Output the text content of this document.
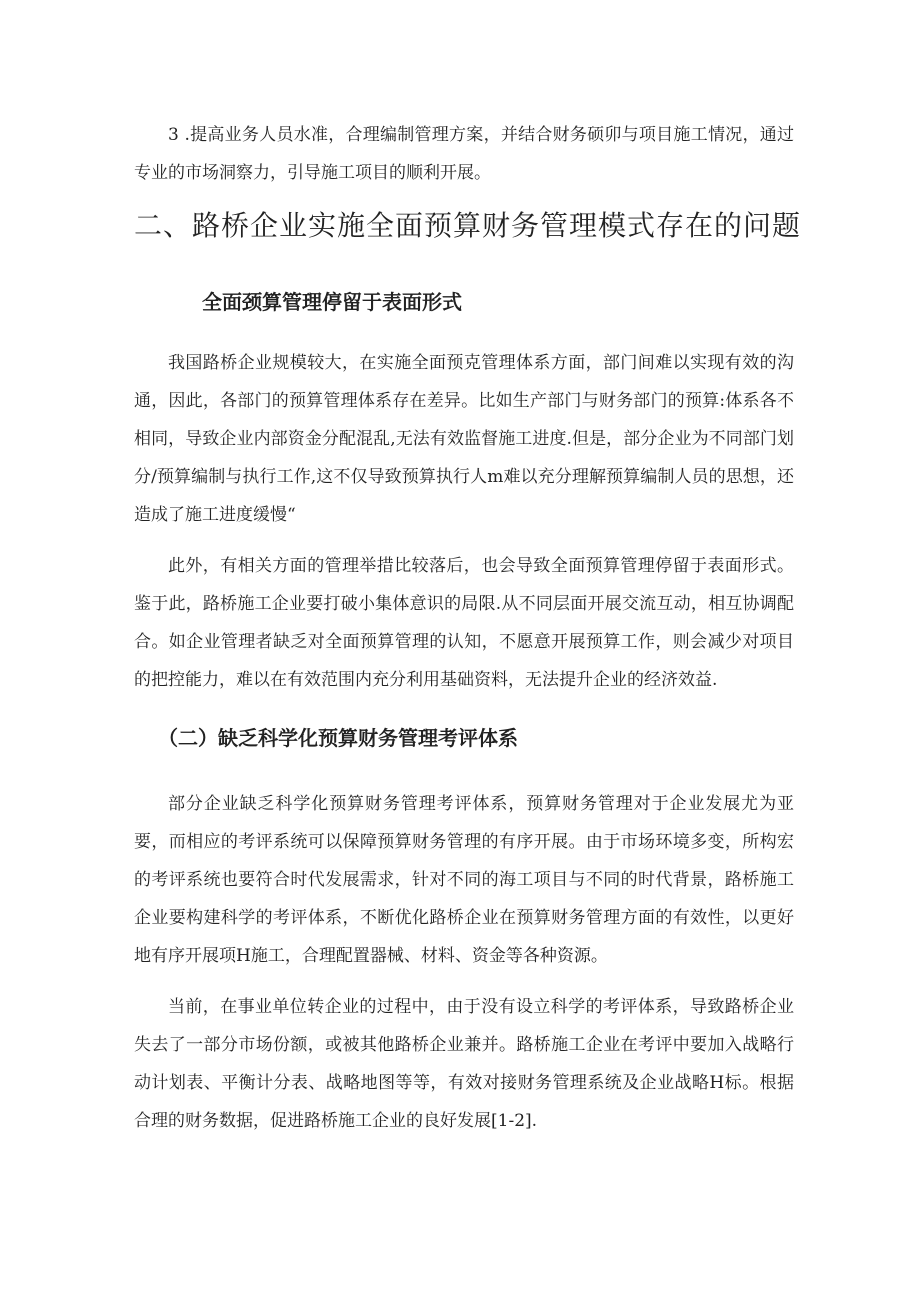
3 .提高业务人员水准，合理编制管理方案，并结合财务硕卯与项目施工情况，通过专业的市场洞察力，引导施工项目的顺利开展。

二、路桥企业实施全面预算财务管理模式存在的问题
全面颈算管理停留于表面形式

我国路桥企业规模较大，在实施全面预克管理体系方面，部门间难以实现有效的沟通，因此，各部门的预算管理体系存在差异。比如生产部门与财务部门的预算:体系各不相同，导致企业内部资金分配混乱,无法有效监督施工进度.但是，部分企业为不同部门划分/预算编制与执行工作,这不仅导致预算执行人m难以充分理解预算编制人员的思想，还造成了施工进度缓慢“

此外，有相关方面的管理举措比较落后，也会导致全面预算管理停留于表面形式。鉴于此，路桥施工企业要打破小集体意识的局限.从不同层面开展交流互动，相互协调配合。如企业管理者缺乏对全面预算管理的认知，不愿意开展预算工作，则会减少对项目的把控能力，难以在有效范围内充分利用基础资料，无法提升企业的经济效益.

（二）缺乏科学化预算财务管理考评体系

部分企业缺乏科学化预算财务管理考评体系，预算财务管理对于企业发展尤为亚要，而相应的考评系统可以保障预算财务管理的有序开展。由于市场环境多变，所构宏的考评系统也要符合时代发展需求，针对不同的海工项目与不同的时代背景，路桥施工企业要构建科学的考评体系，不断优化路桥企业在预算财务管理方面的有效性，以更好地有序开展项H施工，合理配置器械、材料、资金等各种资源。

当前，在事业单位转企业的过程中，由于没有设立科学的考评体系，导致路桥企业失去了一部分市场份额，或被其他路桥企业兼并。路桥施工企业在考评中要加入战略行动计划表、平衡计分表、战略地图等等，有效对接财务管理系统及企业战略H标。根据合理的财务数据，促进路桥施工企业的良好发展[1-2].
